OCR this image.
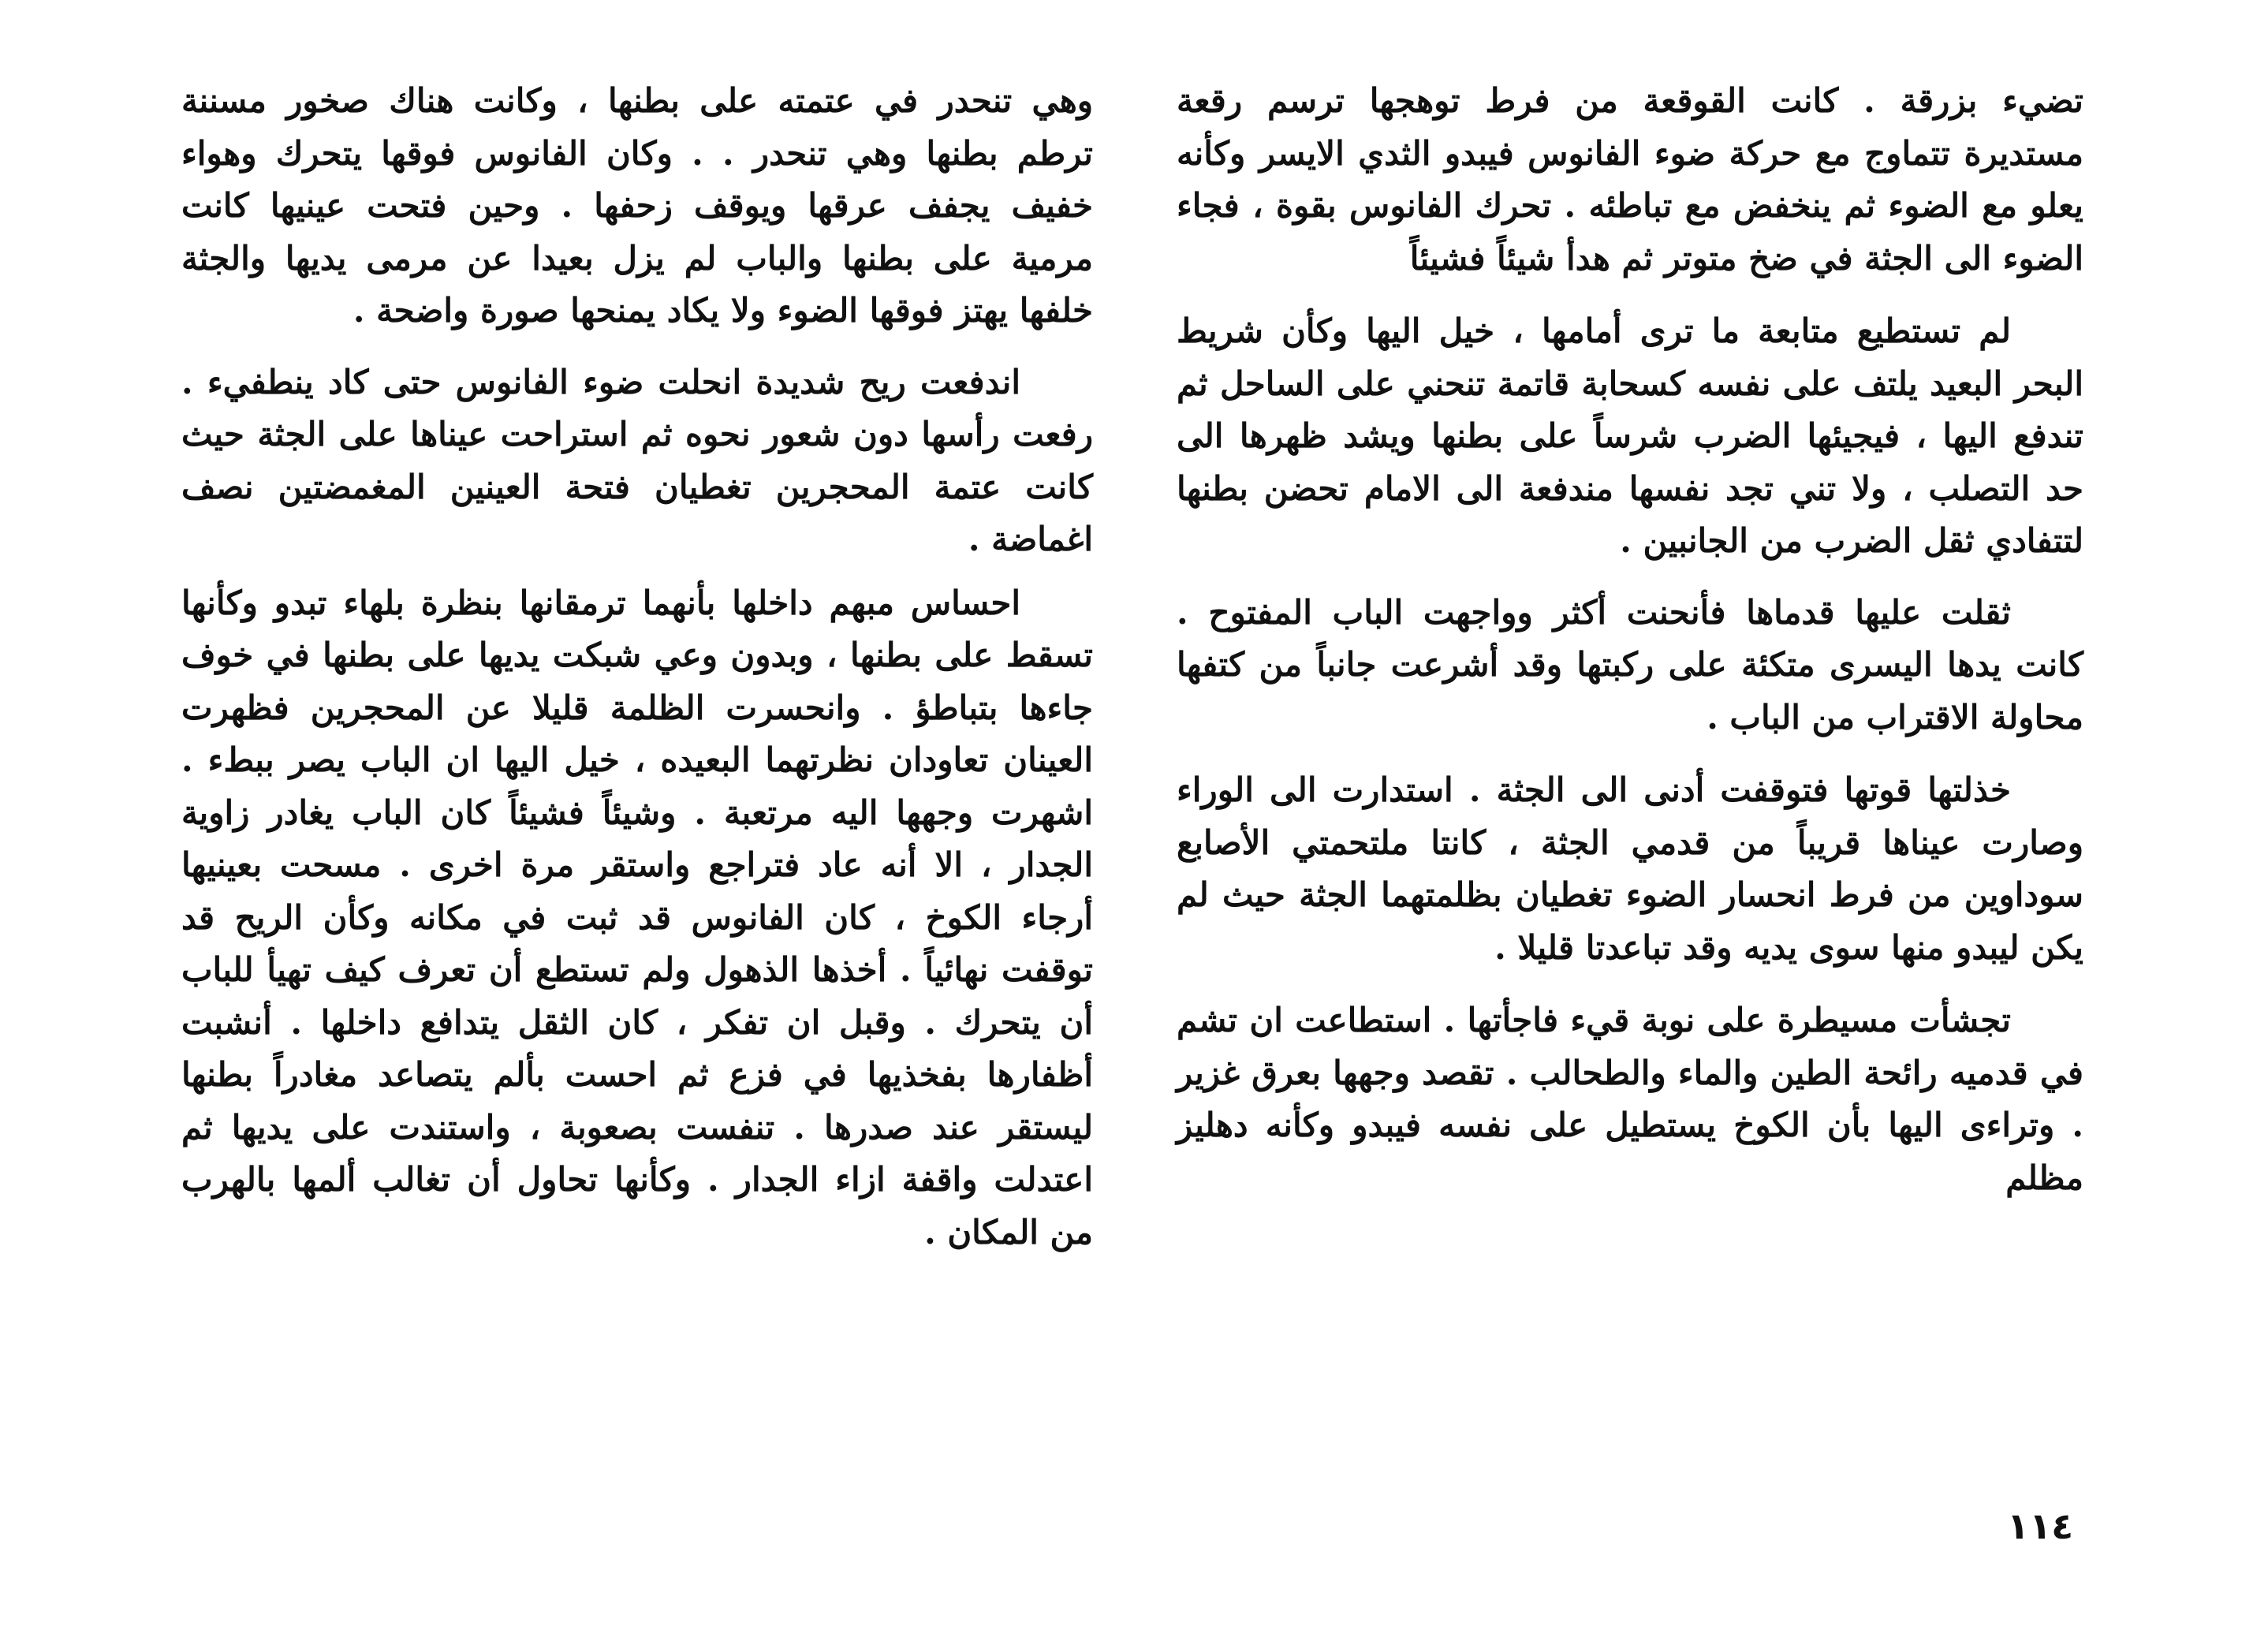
تضيء بزرقة . كانت القوقعة من فرط توهجها ترسم رقعة مستديرة تتماوج مع حركة ضوء الفانوس فيبدو الثدي الايسر وكأنه يعلو مع الضوء ثم ينخفض مع تباطئه . تحرك الفانوس بقوة ، فجاء الضوء الى الجثة في ضخ متوتر ثم هدأ شيئاً فشيئاً

لم تستطيع متابعة ما ترى أمامها ، خيل اليها وكأن شريط البحر البعيد يلتف على نفسه كسحابة قاتمة تنحني على الساحل ثم تندفع اليها ، فيجيئها الضرب شرساً على بطنها ويشد ظهرها الى حد التصلب ، ولا تني تجد نفسها مندفعة الى الامام تحضن بطنها لتتفادي ثقل الضرب من الجانبين .

ثقلت عليها قدماها فأنحنت أكثر وواجهت الباب المفتوح . كانت يدها اليسرى متكئة على ركبتها وقد أشرعت جانباً من كتفها محاولة الاقتراب من الباب .

خذلتها قوتها فتوقفت أدنى الى الجثة . استدارت الى الوراء وصارت عيناها قريباً من قدمي الجثة ، كانتا ملتحمتي الأصابع سوداوين من فرط انحسار الضوء تغطيان بظلمتهما الجثة حيث لم يكن ليبدو منها سوى يديه وقد تباعدتا قليلا .

تجشأت مسيطرة على نوبة قيء فاجأتها . استطاعت ان تشم في قدميه رائحة الطين والماء والطحالب . تقصد وجهها بعرق غزير . وتراءى اليها بأن الكوخ يستطيل على نفسه فيبدو وكأنه دهليز مظلم

وهي تنحدر في عتمته على بطنها ، وكانت هناك صخور مسننة ترطم بطنها وهي تنحدر . . وكان الفانوس فوقها يتحرك وهواء خفيف يجفف عرقها ويوقف زحفها . وحين فتحت عينيها كانت مرمية على بطنها والباب لم يزل بعيدا عن مرمى يديها والجثة خلفها يهتز فوقها الضوء ولا يكاد يمنحها صورة واضحة .

اندفعت ريح شديدة انحلت ضوء الفانوس حتى كاد ينطفيء . رفعت رأسها دون شعور نحوه ثم استراحت عيناها على الجثة حيث كانت عتمة المحجرين تغطيان فتحة العينين المغمضتين نصف اغماضة .

احساس مبهم داخلها بأنهما ترمقانها بنظرة بلهاء تبدو وكأنها تسقط على بطنها ، وبدون وعي شبكت يديها على بطنها في خوف جاءها بتباطؤ . وانحسرت الظلمة قليلا عن المحجرين فظهرت العينان تعاودان نظرتهما البعيده ، خيل اليها ان الباب يصر ببطء . اشهرت وجهها اليه مرتعبة . وشيئاً فشيئاً كان الباب يغادر زاوية الجدار ، الا أنه عاد فتراجع واستقر مرة اخرى . مسحت بعينيها أرجاء الكوخ ، كان الفانوس قد ثبت في مكانه وكأن الريح قد توقفت نهائياً . أخذها الذهول ولم تستطع أن تعرف كيف تهيأ للباب أن يتحرك . وقبل ان تفكر ، كان الثقل يتدافع داخلها . أنشبت أظفارها بفخذيها في فزع ثم احست بألم يتصاعد مغادراً بطنها ليستقر عند صدرها . تنفست بصعوبة ، واستندت على يديها ثم اعتدلت واقفة ازاء الجدار . وكأنها تحاول أن تغالب ألمها بالهرب من المكان .

١١٤
